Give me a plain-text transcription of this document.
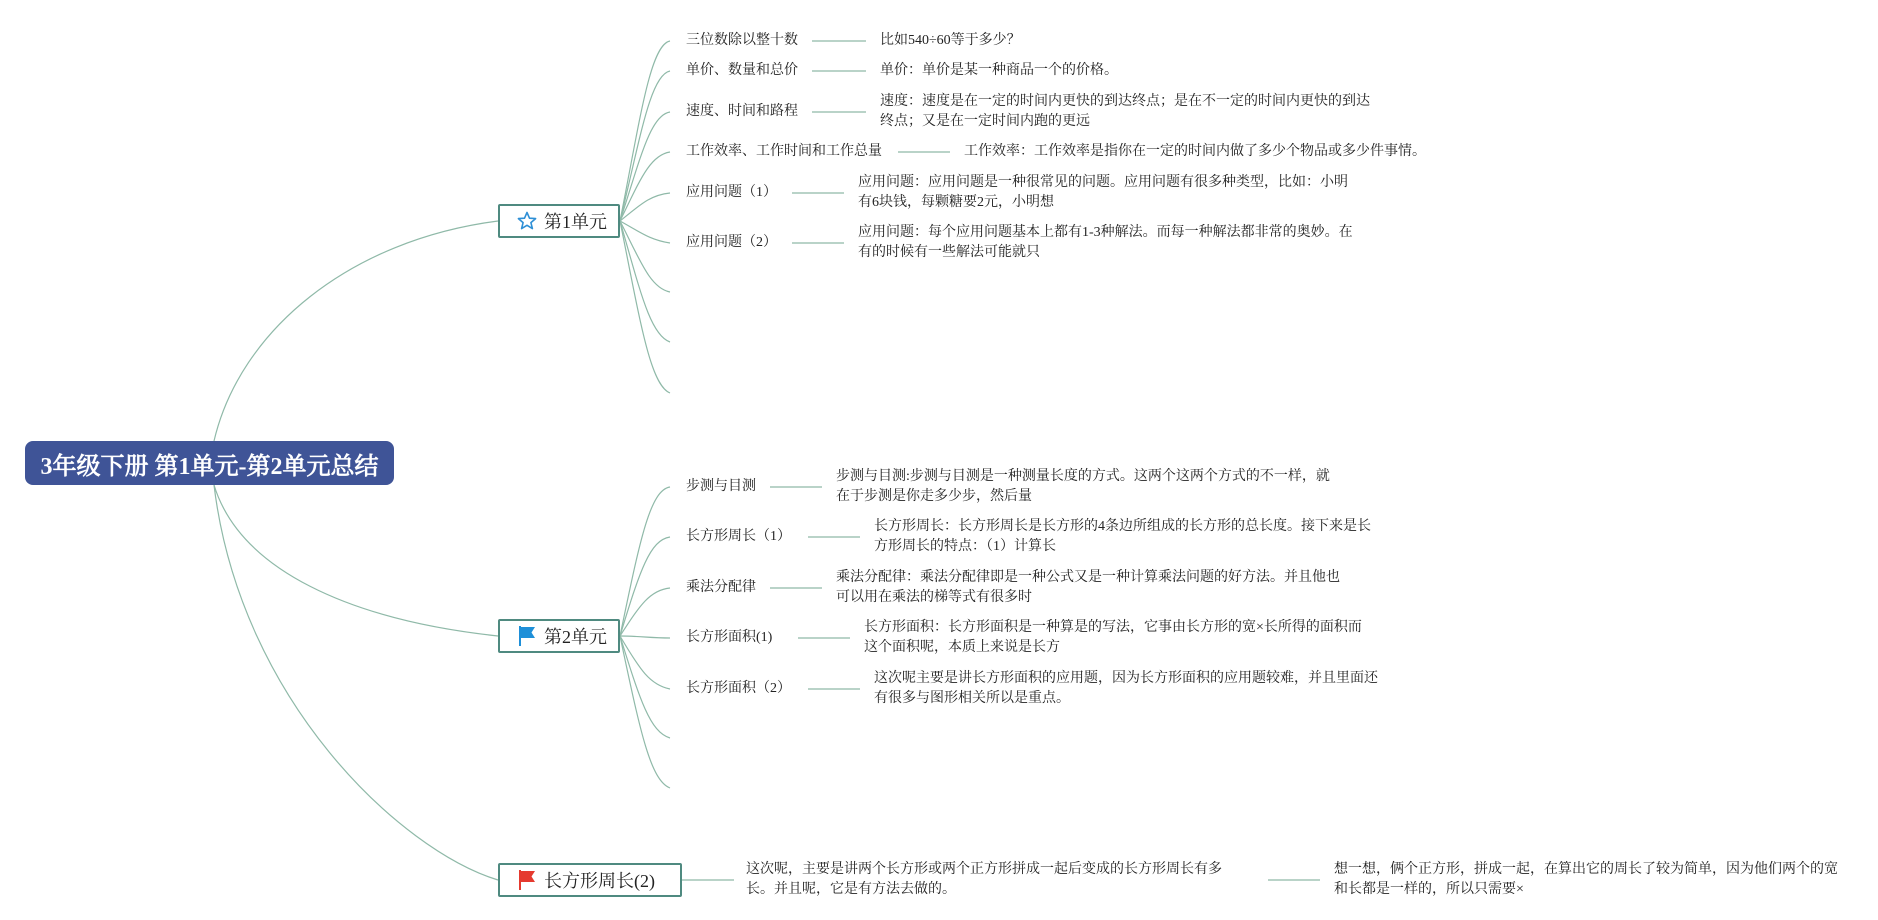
3年级下册 第1单元-第2单元总结
第1单元
三位数除以整十数
单价、数量和总价
速度、时间和路程
工作效率、工作时间和工作总量
应用问题（1）
应用问题（2）
比如540÷60等于多少？
单价：单价是某一种商品一个的价格。
速度：速度是在一定的时间内更快的到达终点；是在不一定的时间内更快的到达终点；又是在一定时间内跑的更远
工作效率：工作效率是指你在一定的时间内做了多少个物品或多少件事情。
应用问题：应用问题是一种很常见的问题。应用问题有很多种类型，比如：小明有6块钱，每颗糖要2元，小明想
应用问题：每个应用问题基本上都有1-3种解法。而每一种解法都非常的奥妙。在有的时候有一些解法可能就只
第2单元
步测与目测
长方形周长（1）
乘法分配律
长方形面积(1)
长方形面积（2）
步测与目测:步测与目测是一种测量长度的方式。这两个这两个方式的不一样，就在于步测是你走多少步，然后量
长方形周长：长方形周长是长方形的4条边所组成的长方形的总长度。接下来是长方形周长的特点：（1）计算长
乘法分配律：乘法分配律即是一种公式又是一种计算乘法问题的好方法。并且他也可以用在乘法的梯等式有很多时
长方形面积：长方形面积是一种算是的写法，它事由长方形的宽×长所得的面积而这个面积呢，本质上来说是长方
这次呢主要是讲长方形面积的应用题，因为长方形面积的应用题较难，并且里面还有很多与图形相关所以是重点。
长方形周长(2)
这次呢，主要是讲两个长方形或两个正方形拼成一起后变成的长方形周长有多长。并且呢，它是有方法去做的。
想一想，俩个正方形，拼成一起，在算出它的周长了较为简单，因为他们两个的宽和长都是一样的，所以只需要×
